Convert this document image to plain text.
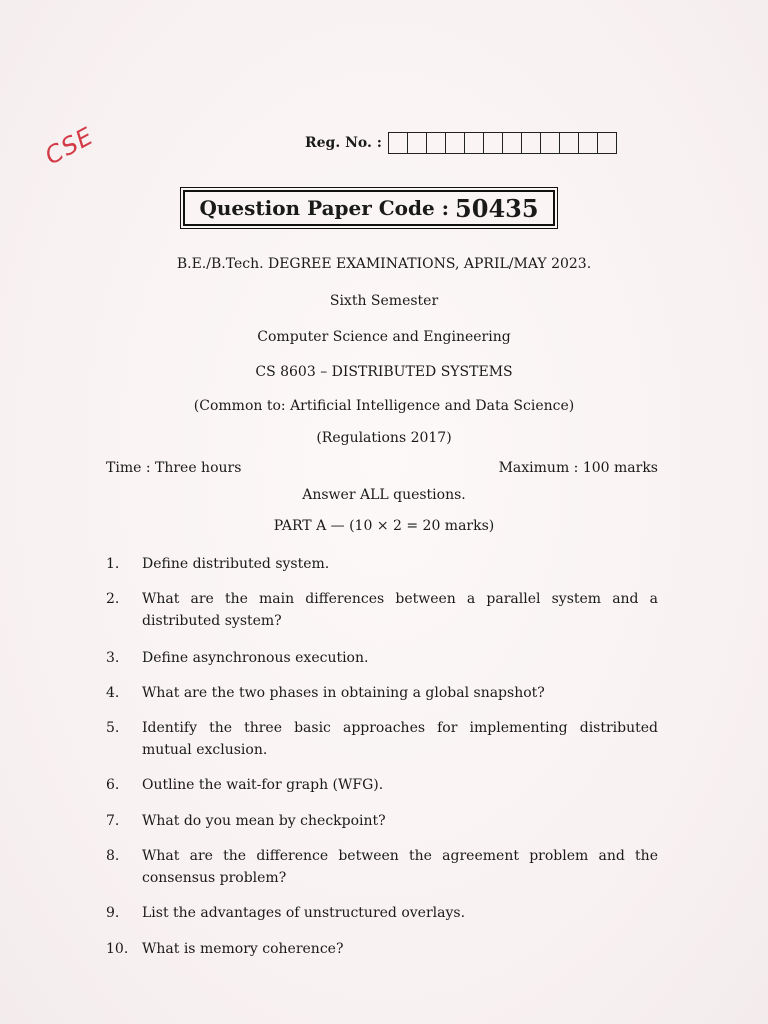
CSE	Reg. No. :
Question Paper Code : 50435
B.E./B.Tech. DEGREE EXAMINATIONS, APRIL/MAY 2023.
Sixth Semester
Computer Science and Engineering
CS 8603 – DISTRIBUTED SYSTEMS
(Common to: Artificial Intelligence and Data Science)
(Regulations 2017)
Time : Three hours	Maximum : 100 marks
Answer ALL questions.
PART A — (10 × 2 = 20 marks)
1.	Define distributed system.
2.	What are the main differences between a parallel system and a distributed system?
3.	Define asynchronous execution.
4.	What are the two phases in obtaining a global snapshot?
5.	Identify the three basic approaches for implementing distributed mutual exclusion.
6.	Outline the wait-for graph (WFG).
7.	What do you mean by checkpoint?
8.	What are the difference between the agreement problem and the consensus problem?
9.	List the advantages of unstructured overlays.
10. What is memory coherence?
